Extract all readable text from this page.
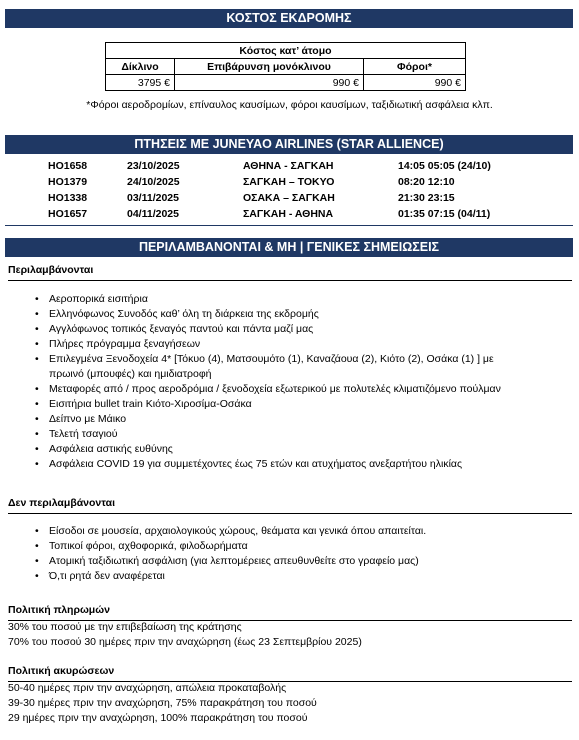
ΚΟΣΤΟΣ ΕΚΔΡΟΜΗΣ
Κόστος κατ’ άτομο		
Δίκλινο	Επιβάρυνση μονόκλινου	Φόροι*
3795 €	990 €	990 €
*Φόροι αεροδρομίων, επίναυλος καυσίμων, φόροι καυσίμων, ταξιδιωτική ασφάλεια κλπ.
ΠΤΗΣΕΙΣ ΜΕ JUNEYAO AIRLINES (STAR ALLIENCE)
HO1658	23/10/2025	ΑΘΗΝΑ - ΣΑΓΚΑΗ	14:05 05:05 (24/10)
HO1379	24/10/2025	ΣΑΓΚΑΗ – ΤΟΚΥΟ	08:20 12:10
HO1338	03/11/2025	ΟΣΑΚΑ – ΣΑΓΚΑΗ	21:30 23:15
HO1657	04/11/2025	ΣΑΓΚΑΗ - ΑΘΗΝΑ	01:35 07:15 (04/11)
ΠΕΡΙΛΑΜΒΑΝΟΝΤΑΙ & ΜΗ | ΓΕΝΙΚΕΣ ΣΗΜΕΙΩΣΕΙΣ
Περιλαμβάνονται
• Αεροπορικά εισιτήρια
• Ελληνόφωνος Συνοδός καθ’ όλη τη διάρκεια της εκδρομής
• Αγγλόφωνος τοπικός ξεναγός παντού και πάντα μαζί μας
• Πλήρες πρόγραμμα ξεναγήσεων
• Επιλεγμένα Ξενοδοχεία 4* [Τόκυο (4), Ματσουμότο (1), Καναζάουα (2), Κιότο (2), Οσάκα (1) ] με πρωινό (μπουφές) και ημιδιατροφή
• Μεταφορές από / προς αεροδρόμια / ξενοδοχεία εξωτερικού με πολυτελές κλιματιζόμενο πούλμαν
• Εισιτήρια bullet train Κιότο-Χιροσίμα-Οσάκα
• Δείπνο με Μάικο
• Τελετή τσαγιού
• Ασφάλεια αστικής ευθύνης
• Ασφάλεια COVID 19 για συμμετέχοντες έως 75 ετών και ατυχήματος ανεξαρτήτου ηλικίας
Δεν περιλαμβάνονται
• Είσοδοι σε μουσεία, αρχαιολογικούς χώρους, θεάματα και γενικά όπου απαιτείται.
• Τοπικοί φόροι, αχθοφορικά, φιλοδωρήματα
• Ατομική ταξιδιωτική ασφάλιση (για λεπτομέρειες απευθυνθείτε στο γραφείο μας)
• Ό,τι ρητά δεν αναφέρεται
Πολιτική πληρωμών
30% του ποσού με την επιβεβαίωση της κράτησης
70% του ποσού 30 ημέρες πριν την αναχώρηση (έως 23 Σεπτεμβρίου 2025)
Πολιτική ακυρώσεων
50-40 ημέρες πριν την αναχώρηση, απώλεια προκαταβολής
39-30 ημέρες πριν την αναχώρηση, 75% παρακράτηση του ποσού
29 ημέρες πριν την αναχώρηση, 100% παρακράτηση του ποσού
